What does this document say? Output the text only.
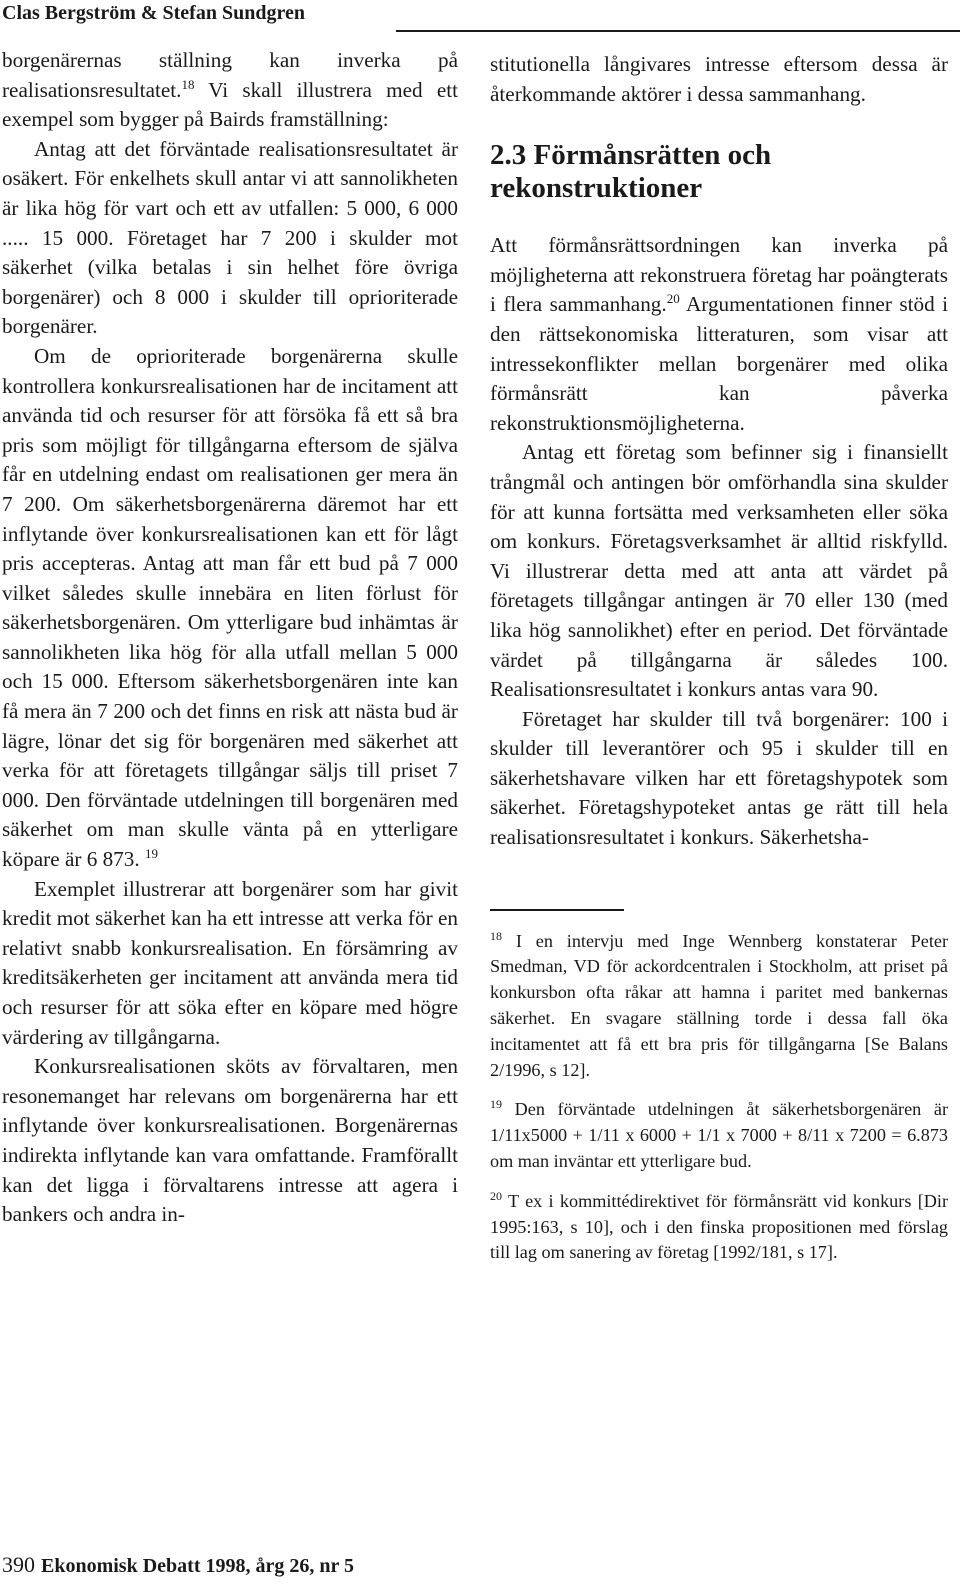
Clas Bergström & Stefan Sundgren

borgenärernas ställning kan inverka på realisationsresultatet.$^{18}$ Vi skall illustrera med ett exempel som bygger på Bairds framställning:

Antag att det förväntade realisationsresultatet är osäkert. För enkelhets skull antar vi att sannolikheten är lika hög för vart och ett av utfallen: 5 000, 6 000 ..... 15 000. Företaget har 7 200 i skulder mot säkerhet (vilka betalas i sin helhet före övriga borgenärer) och 8 000 i skulder till oprioriterade borgenärer.

Om de oprioriterade borgenärerna skulle kontrollera konkursrealisationen har de incitament att använda tid och resurser för att försöka få ett så bra pris som möjligt för tillgångarna eftersom de själva får en utdelning endast om realisationen ger mera än 7 200. Om säkerhetsborgenärerna däremot har ett inflytande över konkursrealisationen kan ett för lågt pris accepteras. Antag att man får ett bud på 7 000 vilket således skulle innebära en liten förlust för säkerhetsborgenären. Om ytterligare bud inhämtas är sannolikheten lika hög för alla utfall mellan 5 000 och 15 000. Eftersom säkerhetsborgenären inte kan få mera än 7 200 och det finns en risk att nästa bud är lägre, lönar det sig för borgenären med säkerhet att verka för att företagets tillgångar säljs till priset 7 000. Den förväntade utdelningen till borgenären med säkerhet om man skulle vänta på en ytterligare köpare är 6 873. $^{19}$

Exemplet illustrerar att borgenärer som har givit kredit mot säkerhet kan ha ett intresse att verka för en relativt snabb konkursrealisation. En försämring av kreditsäkerheten ger incitament att använda mera tid och resurser för att söka efter en köpare med högre värdering av tillgångarna.

Konkursrealisationen sköts av förvaltaren, men resonemanget har relevans om borgenärerna har ett inflytande över konkursrealisationen. Borgenärernas indirekta inflytande kan vara omfattande. Framförallt kan det ligga i förvaltarens intresse att agera i bankers och andra in-

stitutionella långivares intresse eftersom dessa är återkommande aktörer i dessa sammanhang.

2.3 Förmånsrätten och rekonstruktioner

Att förmånsrättsordningen kan inverka på möjligheterna att rekonstruera företag har poängterats i flera sammanhang.$^{20}$ Argumentationen finner stöd i den rättsekonomiska litteraturen, som visar att intressekonflikter mellan borgenärer med olika förmånsrätt kan påverka rekonstruktionsmöjligheterna.

Antag ett företag som befinner sig i finansiellt trångmål och antingen bör omförhandla sina skulder för att kunna fortsätta med verksamheten eller söka om konkurs. Företagsverksamhet är alltid riskfylld. Vi illustrerar detta med att anta att värdet på företagets tillgångar antingen är 70 eller 130 (med lika hög sannolikhet) efter en period. Det förväntade värdet på tillgångarna är således 100. Realisationsresultatet i konkurs antas vara 90.

Företaget har skulder till två borgenärer: 100 i skulder till leverantörer och 95 i skulder till en säkerhetshavare vilken har ett företagshypotek som säkerhet. Företagshypoteket antas ge rätt till hela realisationsresultatet i konkurs. Säkerhetsha-

$^{18}$ I en intervju med Inge Wennberg konstaterar Peter Smedman, VD för ackordcentralen i Stockholm, att priset på konkursbon ofta råkar att hamna i paritet med bankernas säkerhet. En svagare ställning torde i dessa fall öka incitamentet att få ett bra pris för tillgångarna [Se Balans 2/1996, s 12].

$^{19}$ Den förväntade utdelningen åt säkerhetsborgenären är 1/11x5000 + 1/11 x 6000 + 1/1 x 7000 + 8/11 x 7200 = 6.873 om man inväntar ett ytterligare bud.

$^{20}$ T ex i kommittédirektivet för förmånsrätt vid konkurs [Dir 1995:163, s 10], och i den finska propositionen med förslag till lag om sanering av företag [1992/181, s 17].

390 Ekonomisk Debatt 1998, årg 26, nr 5
